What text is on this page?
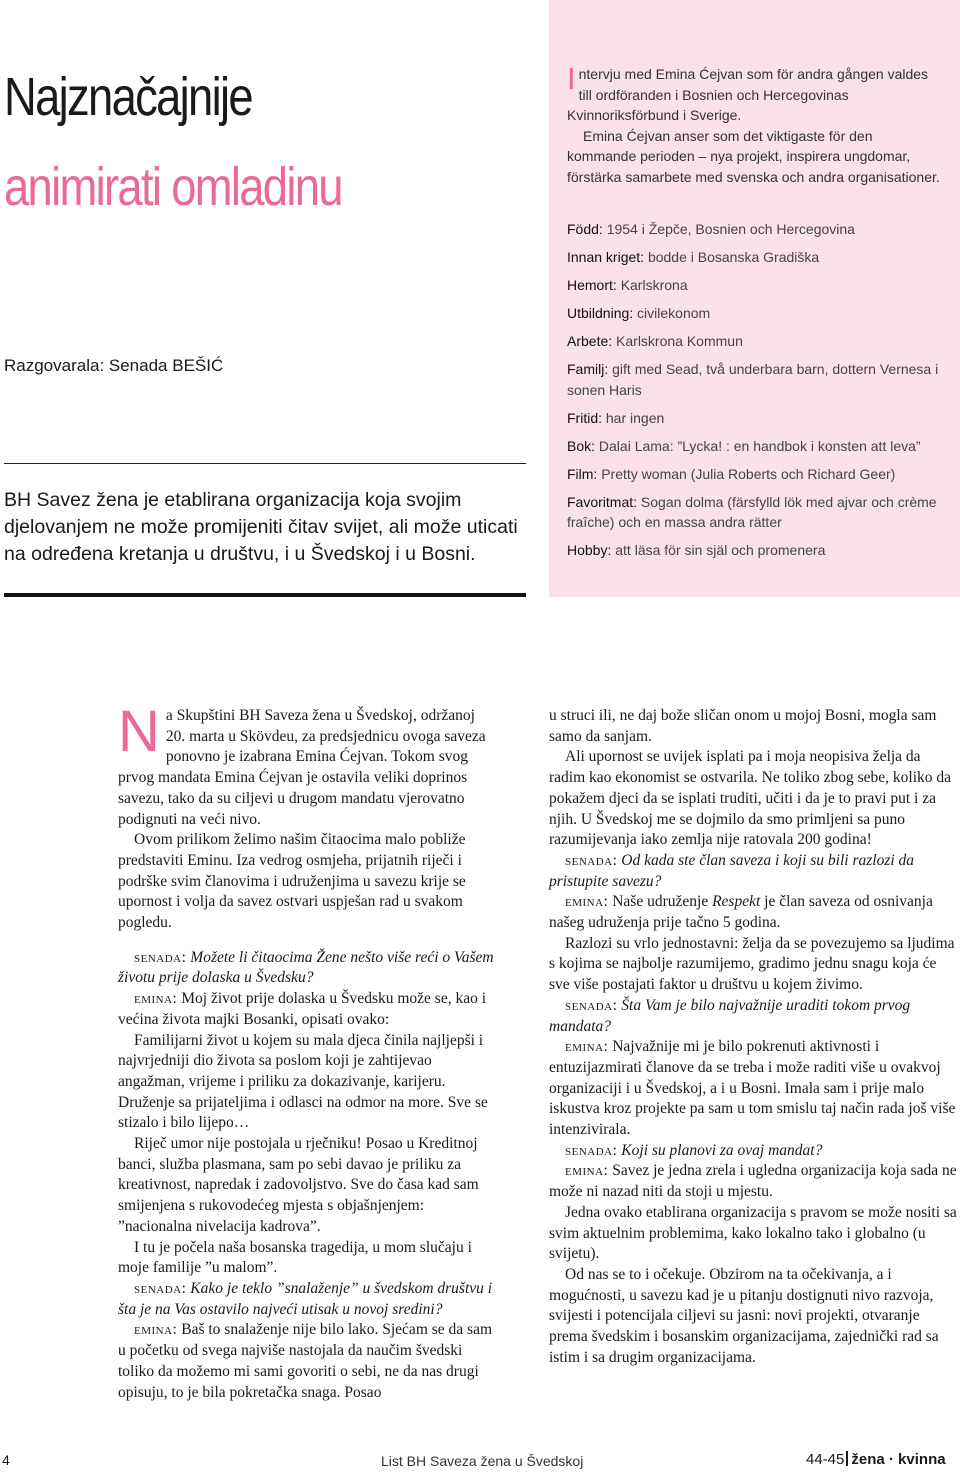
Najznačajnije
animirati omladinu
Razgovarala: Senada BEŠIĆ

BH Savez žena je etablirana organizacija koja svojim djelovanjem ne može promijeniti čitav svijet, ali može uticati na određena kretanja u društvu, i u Švedskoj i u Bosni.

Intervju med Emina Ćejvan som för andra gången valdes till ordföranden i Bosnien och Hercegovinas Kvinnoriksförbund i Sverige.

Emina Ćejvan anser som det viktigaste för den kommande perioden – nya projekt, inspirera ungdomar, förstärka samarbete med svenska och andra organisationer.

Född: 1954 i Žepče, Bosnien och Hercegovina

Innan kriget: bodde i Bosanska Gradiška

Hemort: Karlskrona

Utbildning: civilekonom

Arbete: Karlskrona Kommun

Familj: gift med Sead, två underbara barn, dottern Vernesa i sonen Haris

Fritid: har ingen

Bok: Dalai Lama: ”Lycka! : en handbok i konsten att leva”

Film: Pretty woman (Julia Roberts och Richard Geer)

Favoritmat: Sogan dolma (färsfylld lök med ajvar och crème fraîche) och en massa andra rätter

Hobby: att läsa för sin själ och promenera

Na Skupštini BH Saveza žena u Švedskoj, održanoj 20. marta u Skövdeu, za predsjednicu ovoga saveza ponovno je izabrana Emina Ćejvan. Tokom svog prvog mandata Emina Ćejvan je ostavila veliki doprinos savezu, tako da su ciljevi u drugom mandatu vjerovatno podignuti na veći nivo.

Ovom prilikom želimo našim čitaocima malo pobliže predstaviti Eminu. Iza vedrog osmjeha, prijatnih riječi i podrške svim članovima i udruženjima u savezu krije se upornost i volja da savez ostvari uspješan rad u svakom pogledu.

senada: Možete li čitaocima Žene nešto više reći o Vašem životu prije dolaska u Švedsku?

emina: Moj život prije dolaska u Švedsku može se, kao i većina života majki Bosanki, opisati ovako:

Familijarni život u kojem su mala djeca činila najljepši i najvrjedniji dio života sa poslom koji je zahtijevao angažman, vrijeme i priliku za dokazivanje, karijeru. Druženje sa prijateljima i odlasci na odmor na more. Sve se stizalo i bilo lijepo…

Riječ umor nije postojala u rječniku! Posao u Kreditnoj banci, služba plasmana, sam po sebi davao je priliku za kreativnost, napredak i zadovoljstvo. Sve do časa kad sam smijenjena s rukovodećeg mjesta s objašnjenjem: ”nacionalna nivelacija kadrova”.

I tu je počela naša bosanska tragedija, u mom slučaju i moje familije ”u malom”.

senada: Kako je teklo ”snalaženje” u švedskom društvu i šta je na Vas ostavilo najveći utisak u novoj sredini?

emina: Baš to snalaženje nije bilo lako. Sjećam se da sam u početku od svega najviše nastojala da naučim švedski toliko da možemo mi sami govoriti o sebi, ne da nas drugi opisuju, to je bila pokretačka snaga. Posao

u struci ili, ne daj bože sličan onom u mojoj Bosni, mogla sam samo da sanjam.

Ali upornost se uvijek isplati pa i moja neopisiva želja da radim kao ekonomist se ostvarila. Ne toliko zbog sebe, koliko da pokažem djeci da se isplati truditi, učiti i da je to pravi put i za njih. U Švedskoj me se dojmilo da smo primljeni sa puno razumijevanja iako zemlja nije ratovala 200 godina!

senada: Od kada ste član saveza i koji su bili razlozi da pristupite savezu?

emina: Naše udruženje Respekt je član saveza od osnivanja našeg udruženja prije tačno 5 godina.

Razlozi su vrlo jednostavni: želja da se povezujemo sa ljudima s kojima se najbolje razumijemo, gradimo jednu snagu koja će sve više postajati faktor u društvu u kojem živimo.

senada: Šta Vam je bilo najvažnije uraditi tokom prvog mandata?

emina: Najvažnije mi je bilo pokrenuti aktivnosti i entuzijazmirati članove da se treba i može raditi više u ovakvoj organizaciji i u Švedskoj, a i u Bosni. Imala sam i prije malo iskustva kroz projekte pa sam u tom smislu taj način rada još više intenzivirala.

senada: Koji su planovi za ovaj mandat?

emina: Savez je jedna zrela i ugledna organizacija koja sada ne može ni nazad niti da stoji u mjestu.

Jedna ovako etablirana organizacija s pravom se može nositi sa svim aktuelnim problemima, kako lokalno tako i globalno (u svijetu).

Od nas se to i očekuje. Obzirom na ta očekivanja, a i mogućnosti, u savezu kad je u pitanju dostignuti nivo razvoja, svijesti i potencijala ciljevi su jasni: novi projekti, otvaranje prema švedskim i bosanskim organizacijama, zajednički rad sa istim i sa drugim organizacijama.

4	List BH Saveza žena u Švedskoj	44-45 žena · kvinna
